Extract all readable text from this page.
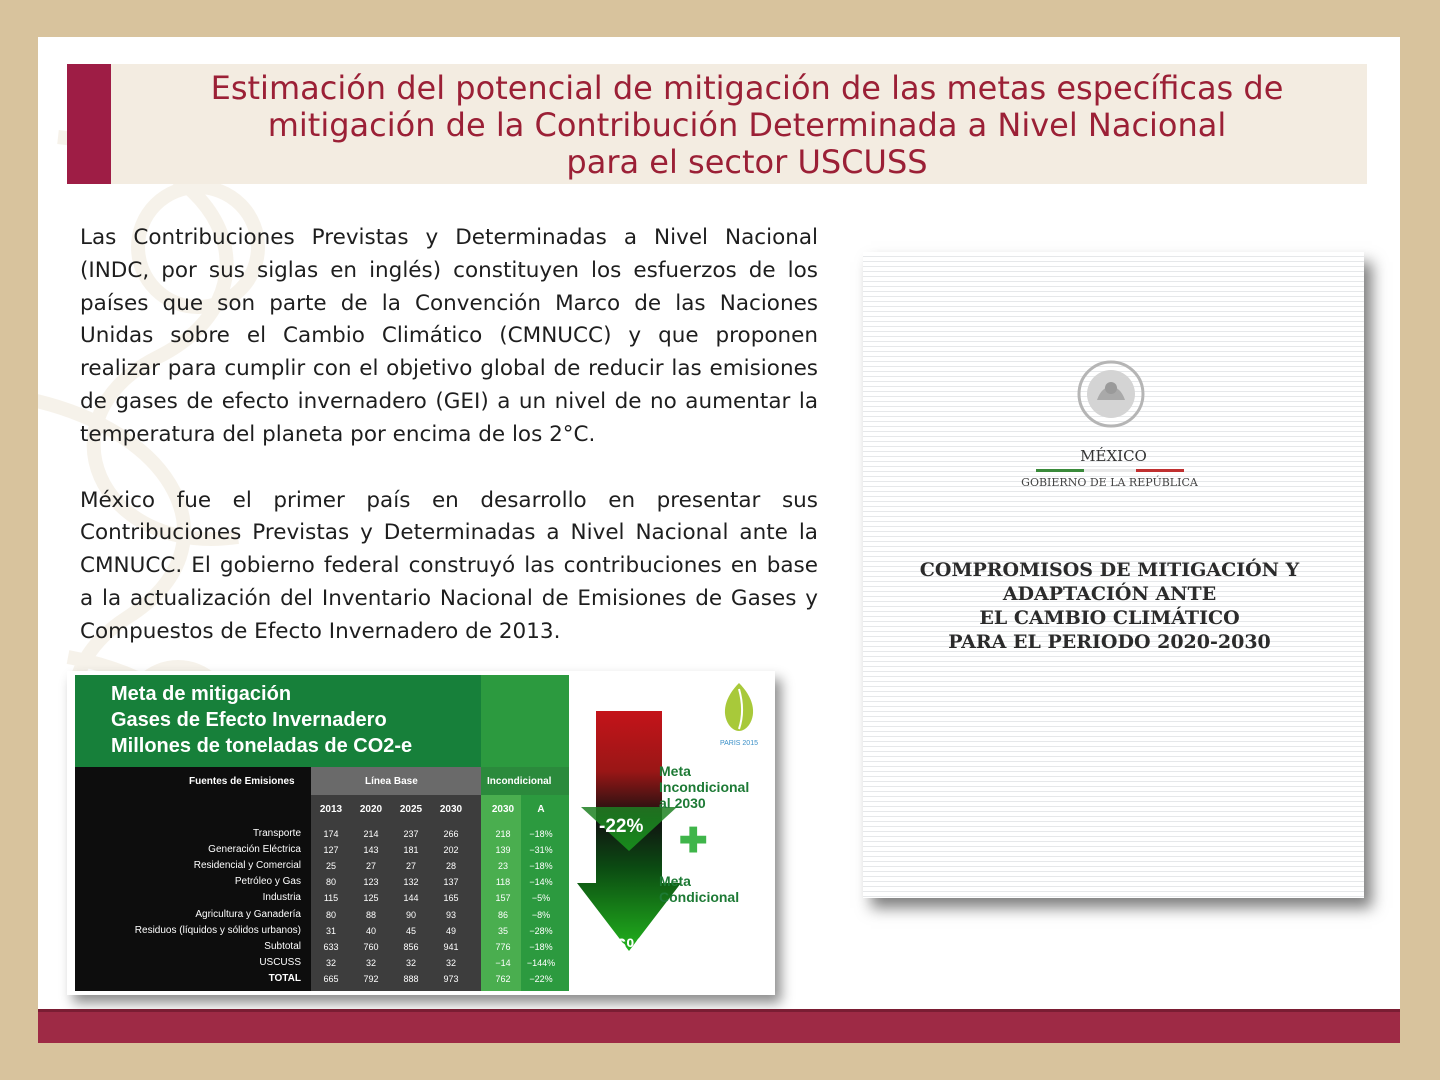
Estimación del potencial de mitigación de las metas específicas de
mitigación de la Contribución Determinada a Nivel Nacional
para el sector USCUSS

Las Contribuciones Previstas y Determinadas a Nivel Nacional (INDC, por sus siglas en inglés) constituyen los esfuerzos de los países que son parte de la Convención Marco de las Naciones Unidas sobre el Cambio Climático (CMNUCC) y que proponen realizar para cumplir con el objetivo global de reducir las emisiones de gases de efecto invernadero (GEI) a un nivel de no aumentar la temperatura del planeta por encima de los 2°C.

México fue el primer país en desarrollo en presentar sus Contribuciones Previstas y Determinadas a Nivel Nacional ante la CMNUCC. El gobierno federal construyó las contribuciones en base a la actualización del Inventario Nacional de Emisiones de Gases y Compuestos de Efecto Invernadero de 2013.

Meta de mitigación
Gases de Efecto Invernadero
Millones de toneladas de CO2-e
Fuentes de Emisiones	Línea Base	Incondicional
2013 2020 2025 2030	2030	A
Transporte	174	214	237	266	218	−18%
Generación Eléctrica	127	143	181	202	139	−31%
Residencial y Comercial	25	27	27	28	23	−18%
Petróleo y Gas	80	123	132	137	118	−14%
Industria	115	125	144	165	157	−5%
Agricultura y Ganadería	80	88	90	93	86	−8%
Residuos (líquidos y sólidos urbanos)	31	40	45	49	35	−28%
Subtotal	633	760	856	941	776	−18%
USCUSS	32	32	32	32	−14	−144%
TOTAL	665	792	888	973	762	−22%
-22%
-36%
Meta
Incondicional
al 2030
✚
Meta
Condicional
PARIS 2015
MÉXICO
GOBIERNO DE LA REPÚBLICA
COMPROMISOS DE MITIGACIÓN Y
ADAPTACIÓN ANTE
EL CAMBIO CLIMÁTICO
PARA EL PERIODO 2020-2030
